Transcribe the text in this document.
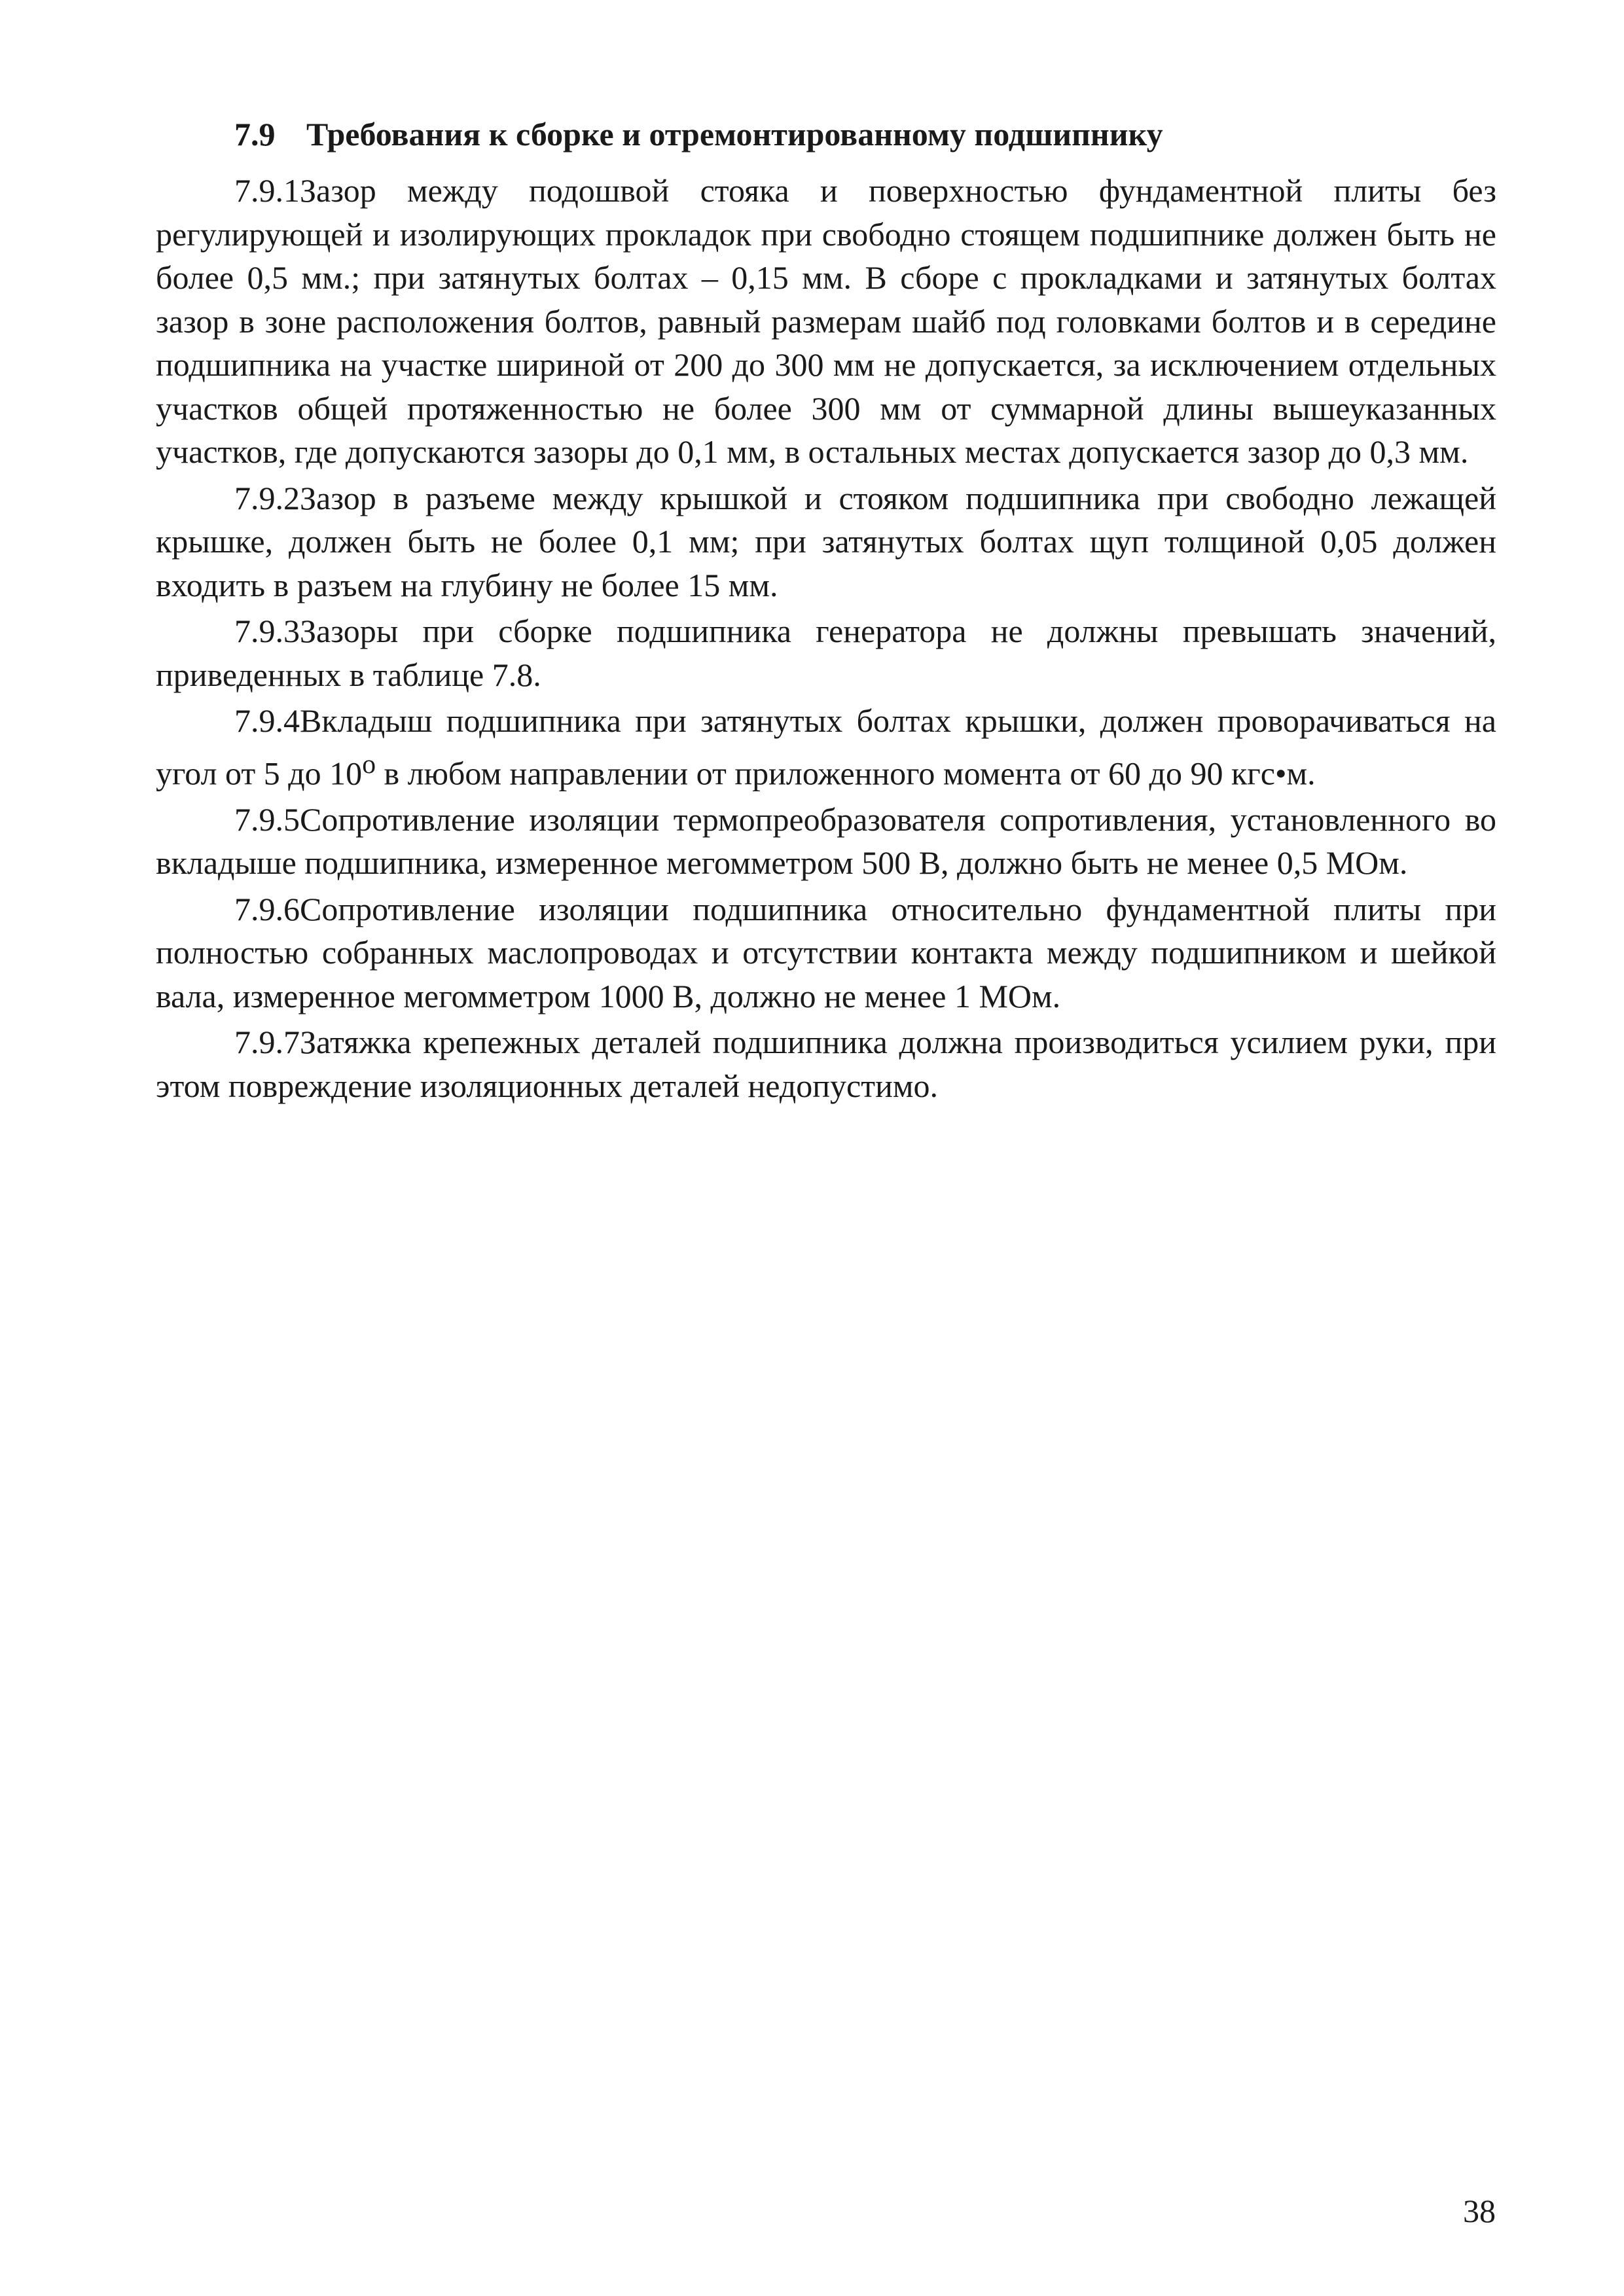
7.9 Требования к сборке и отремонтированному подшипнику

7.9.1Зазор между подошвой стояка и поверхностью фундаментной плиты без регулирующей и изолирующих прокладок при свободно стоящем подшипнике должен быть не более 0,5 мм.; при затянутых болтах – 0,15 мм. В сборе с прокладками и затянутых болтах зазор в зоне расположения болтов, равный размерам шайб под головками болтов и в середине подшипника на участке шириной от 200 до 300 мм не допускается, за исключением отдельных участков общей протяженностью не более 300 мм от суммарной длины вышеуказанных участков, где допускаются зазоры до 0,1 мм, в остальных местах допускается зазор до 0,3 мм.

7.9.2Зазор в разъеме между крышкой и стояком подшипника при свободно лежащей крышке, должен быть не более 0,1 мм; при затянутых болтах щуп толщиной 0,05 должен входить в разъем на глубину не более 15 мм.

7.9.3Зазоры при сборке подшипника генератора не должны превышать значений, приведенных в таблице 7.8.

7.9.4Вкладыш подшипника при затянутых болтах крышки, должен проворачиваться на угол от 5 до $10^о$ в любом направлении от приложенного момента от 60 до 90 кгс•м.

7.9.5Сопротивление изоляции термопреобразователя сопротивления, установленного во вкладыше подшипника, измеренное мегомметром 500 В, должно быть не менее 0,5 МОм.

7.9.6Сопротивление изоляции подшипника относительно фундаментной плиты при полностью собранных маслопроводах и отсутствии контакта между подшипником и шейкой вала, измеренное мегомметром 1000 В, должно не менее 1 МОм.

7.9.7Затяжка крепежных деталей подшипника должна производиться усилием руки, при этом повреждение изоляционных деталей недопустимо.

38
